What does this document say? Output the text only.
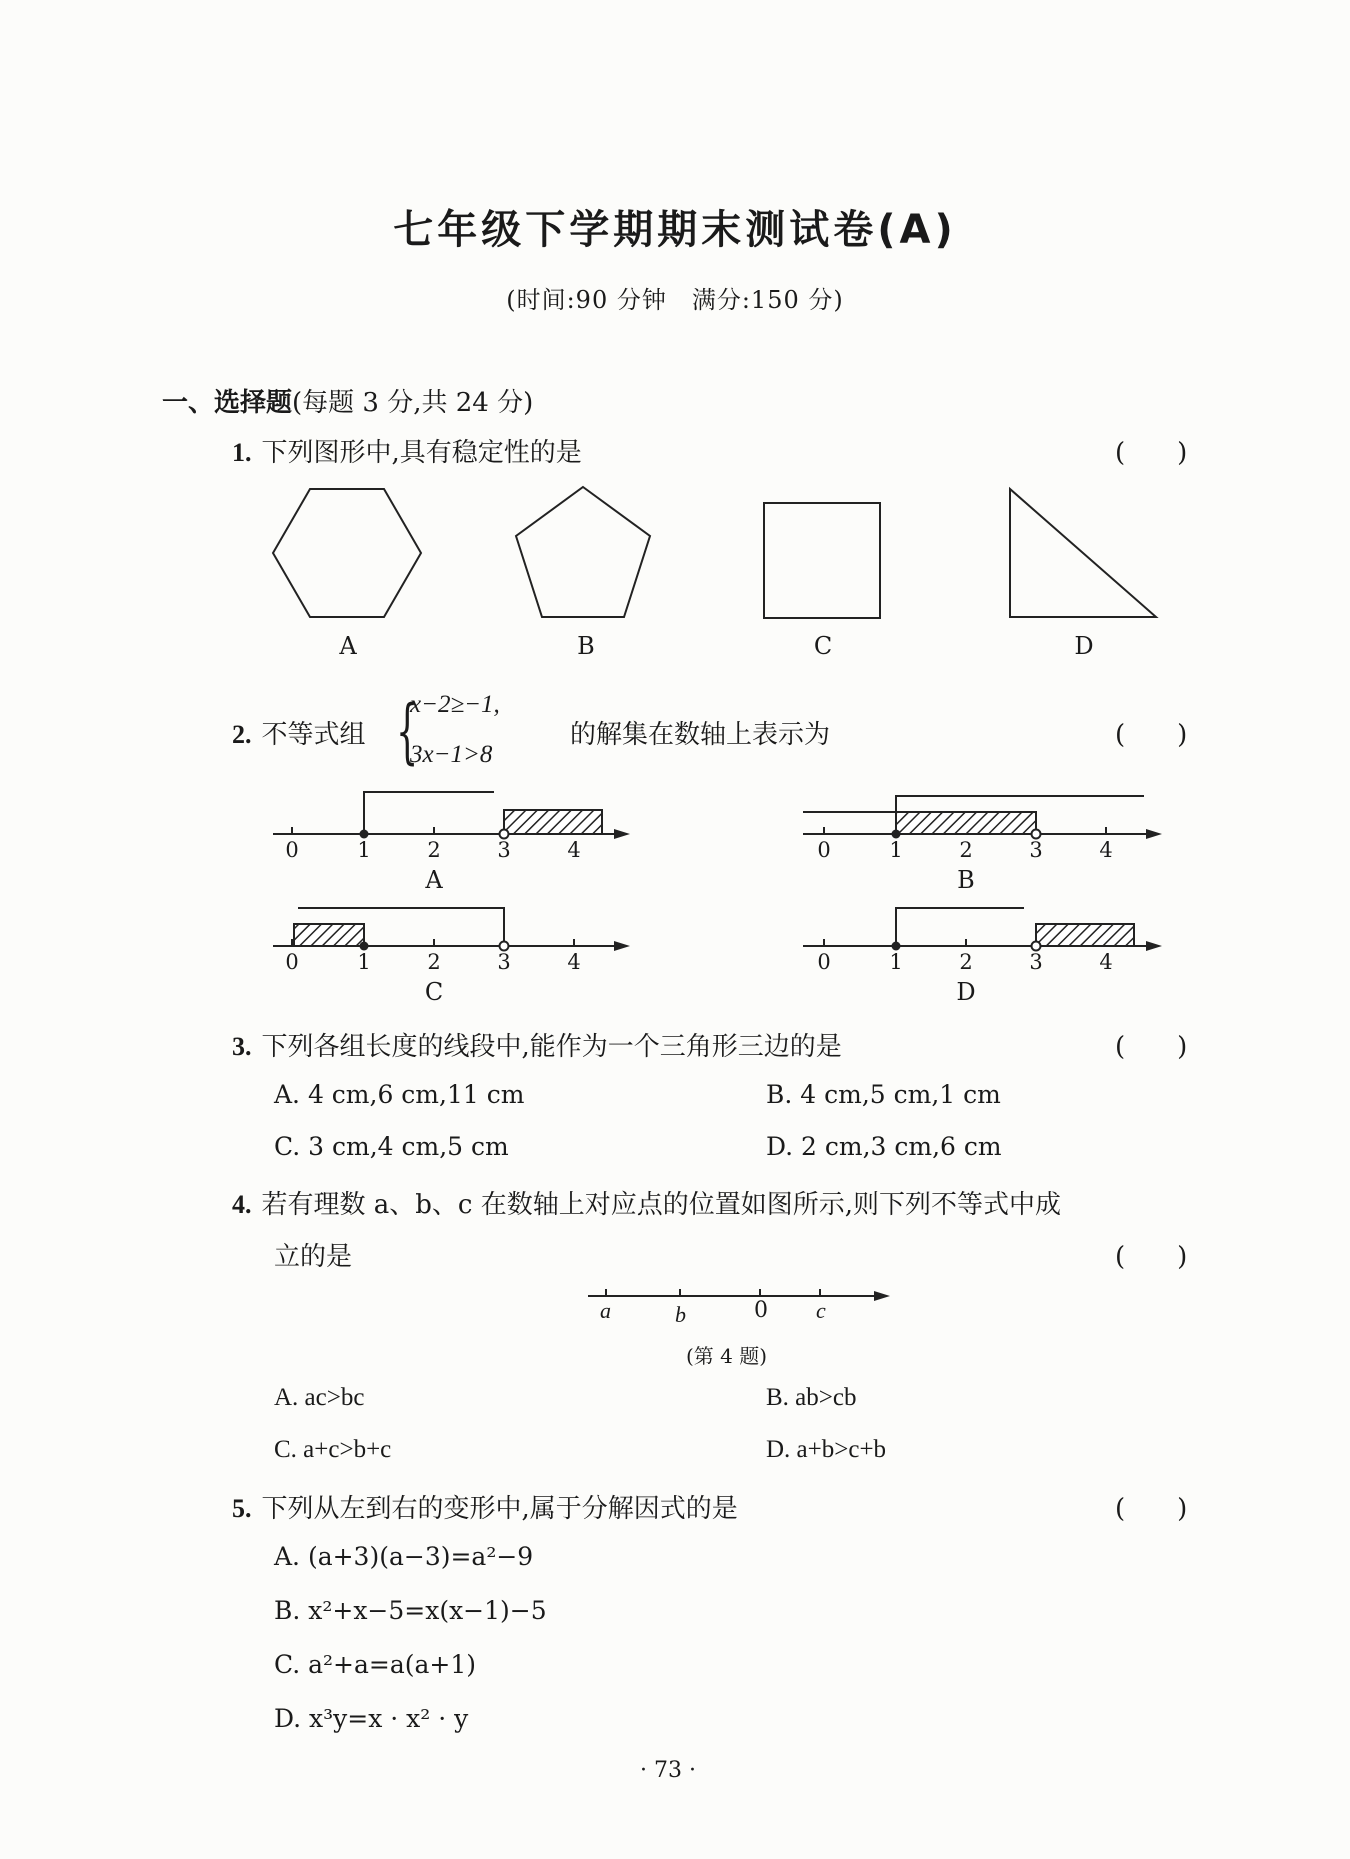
七年级下学期期末测试卷(A)
(时间:90 分钟　满分:150 分)
一、选择题(每题 3 分,共 24 分)
1. 下列图形中,具有稳定性的是	(　　)
A	B	C	D
2. 不等式组 {
x−2≥−1,
3x−1>8
的解集在数轴上表示为	(　　)
0	1	2	3	4
A
0	1	2	3	4
B
0	1	2	3	4
C
0	1	2	3	4
D
3. 下列各组长度的线段中,能作为一个三角形三边的是	(　　)
A. 4 cm,6 cm,11 cm	B. 4 cm,5 cm,1 cm
C. 3 cm,4 cm,5 cm	D. 2 cm,3 cm,6 cm
4. 若有理数 a、b、c 在数轴上对应点的位置如图所示,则下列不等式中成
立的是	(　　)
a	b	0 c
(第 4 题)
A. ac>bc	B. ab>cb
C. a+c>b+c	D. a+b>c+b
5. 下列从左到右的变形中,属于分解因式的是	(　　)
A. (a+3)(a−3)=a²−9
B. x²+x−5=x(x−1)−5
C. a²+a=a(a+1)
D. x³y=x · x² · y
· 73 ·
